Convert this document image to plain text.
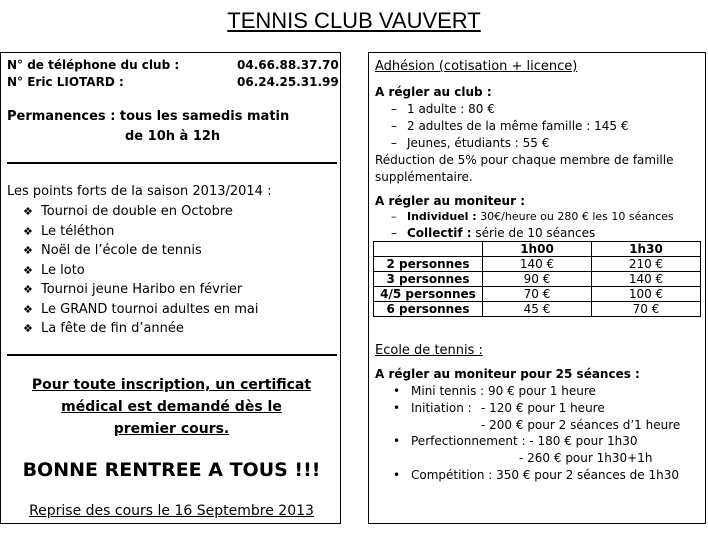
TENNIS CLUB VAUVERT
N° de téléphone du club :	04.66.88.37.70
N° Eric LIOTARD :	06.24.25.31.99
Permanences : tous les samedis matin
de 10h à 12h
Les points forts de la saison 2013/2014 :
❖ Tournoi de double en Octobre
❖ Le téléthon
❖ Noël de l’école de tennis
❖ Le loto
❖ Tournoi jeune Haribo en février
❖ Le GRAND tournoi adultes en mai
❖ La fête de fin d’année
Pour toute inscription, un certificat
médical est demandé dès le
premier cours.
BONNE RENTREE A TOUS !!!
Reprise des cours le 16 Septembre 2013
Adhésion (cotisation + licence)
A régler au club :
– 1 adulte : 80 €
– 2 adultes de la même famille : 145 €
– Jeunes, étudiants : 55 €
Réduction de 5% pour chaque membre de famille
supplémentaire.
A régler au moniteur :
– Individuel : 30€/heure ou 280 € les 10 séances
– Collectif : série de 10 séances
	1h00	1h30
2 personnes	140 €	210 €
3 personnes	90 €	140 €
4/5 personnes	70 €	100 €
6 personnes	45 €	70 €
Ecole de tennis :
A régler au moniteur pour 25 séances :
• Mini tennis : 90 € pour 1 heure
• Initiation : - 120 € pour 1 heure
- 200 € pour 2 séances d’1 heure
• Perfectionnement : - 180 € pour 1h30
- 260 € pour 1h30+1h
• Compétition : 350 € pour 2 séances de 1h30
